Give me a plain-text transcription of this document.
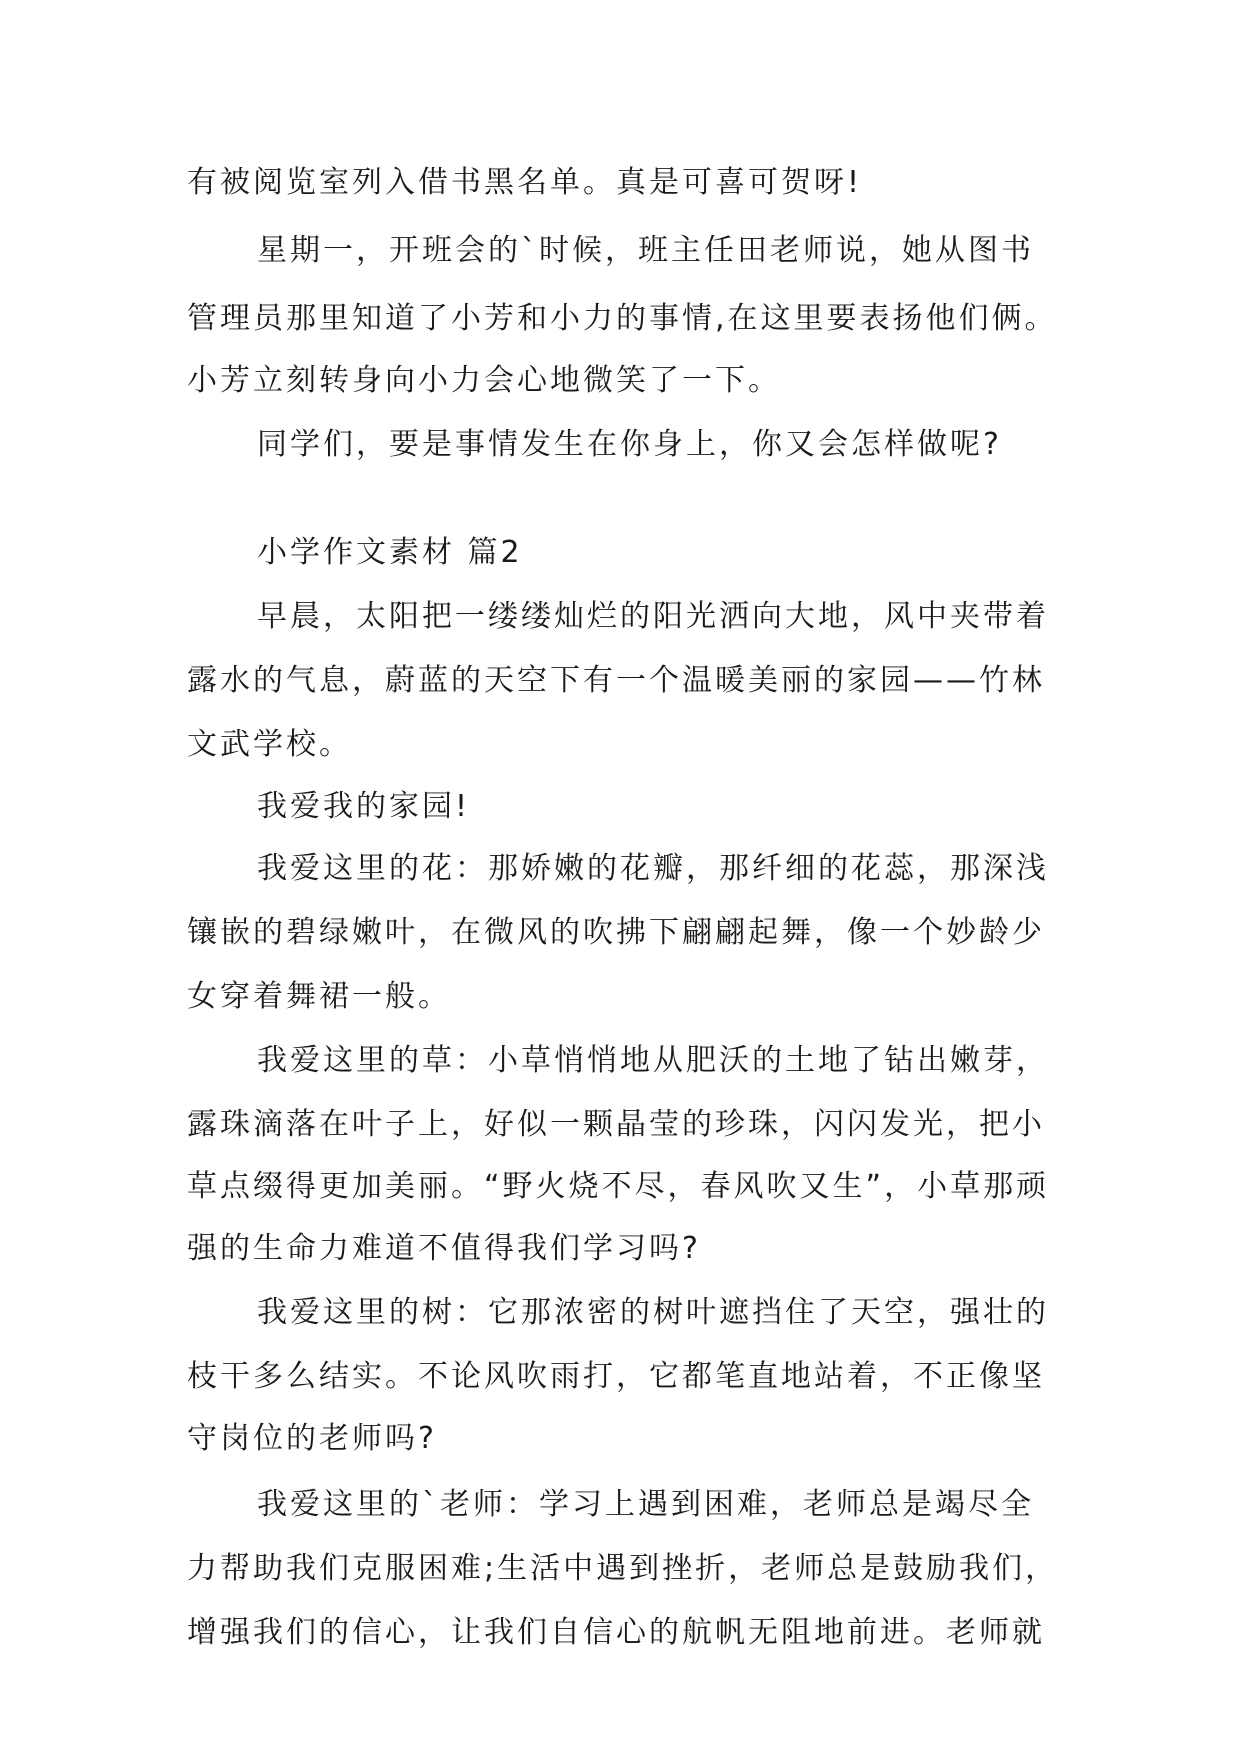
有被阅览室列入借书黑名单。真是可喜可贺呀!
星期一，开班会的`时候，班主任田老师说，她从图书
管理员那里知道了小芳和小力的事情,在这里要表扬他们俩。
小芳立刻转身向小力会心地微笑了一下。
同学们，要是事情发生在你身上，你又会怎样做呢?
小学作文素材 篇2
早晨，太阳把一缕缕灿烂的阳光洒向大地，风中夹带着
露水的气息，蔚蓝的天空下有一个温暖美丽的家园——竹林
文武学校。
我爱我的家园!
我爱这里的花：那娇嫩的花瓣，那纤细的花蕊，那深浅
镶嵌的碧绿嫩叶，在微风的吹拂下翩翩起舞，像一个妙龄少
女穿着舞裙一般。
我爱这里的草：小草悄悄地从肥沃的土地了钻出嫩芽，
露珠滴落在叶子上，好似一颗晶莹的珍珠，闪闪发光，把小
草点缀得更加美丽。“野火烧不尽，春风吹又生”，小草那顽
强的生命力难道不值得我们学习吗?
我爱这里的树：它那浓密的树叶遮挡住了天空，强壮的
枝干多么结实。不论风吹雨打，它都笔直地站着，不正像坚
守岗位的老师吗?
我爱这里的`老师：学习上遇到困难，老师总是竭尽全
力帮助我们克服困难;生活中遇到挫折，老师总是鼓励我们，
增强我们的信心，让我们自信心的航帆无阻地前进。老师就
